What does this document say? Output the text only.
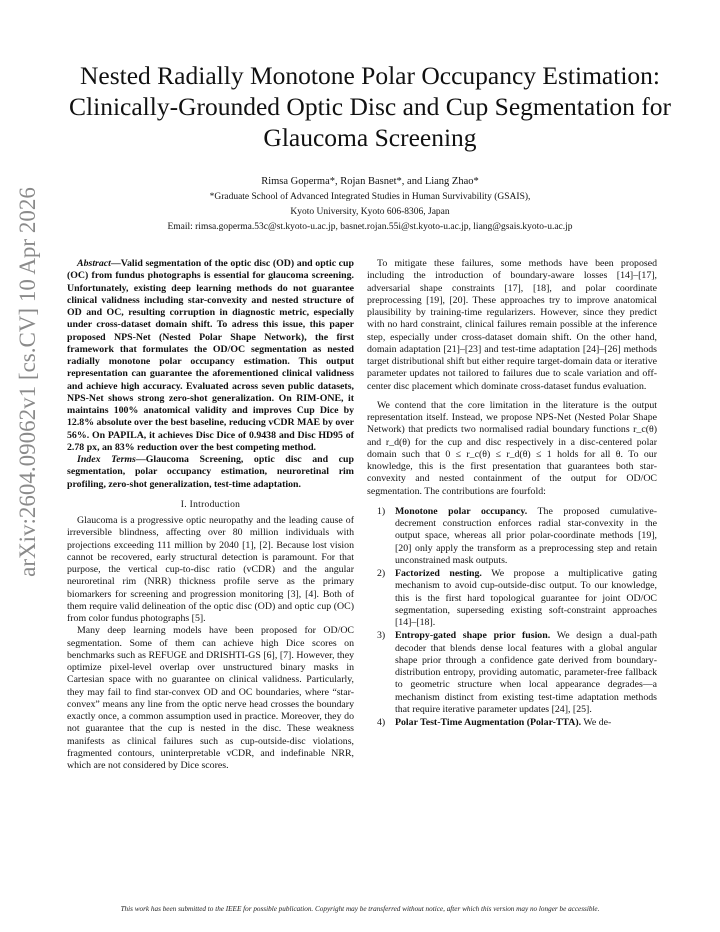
Nested Radially Monotone Polar Occupancy Estimation: Clinically-Grounded Optic Disc and Cup Segmentation for Glaucoma Screening
Rimsa Goperma*, Rojan Basnet*, and Liang Zhao*
*Graduate School of Advanced Integrated Studies in Human Survivability (GSAIS),
Kyoto University, Kyoto 606-8306, Japan
Email: rimsa.goperma.53c@st.kyoto-u.ac.jp, basnet.rojan.55i@st.kyoto-u.ac.jp, liang@gsais.kyoto-u.ac.jp
arXiv:2604.09062v1 [cs.CV] 10 Apr 2026	Abstract—Valid segmentation of the optic disc (OD) and optic cup (OC) from fundus photographs is essential for glaucoma screening. Unfortunately, existing deep learning methods do not guarantee clinical validness including star-convexity and nested structure of OD and OC, resulting corruption in diagnostic metric, especially under cross-dataset domain shift. To adress this issue, this paper proposed NPS-Net (Nested Polar Shape Network), the first framework that formulates the OD/OC segmentation as nested radially monotone polar occupancy estimation. This output representation can guarantee the aforementioned clinical validness and achieve high accuracy. Evaluated across seven public datasets, NPS-Net shows strong zero-shot generalization. On RIM-ONE, it maintains 100% anatomical validity and improves Cup Dice by 12.8% absolute over the best baseline, reducing vCDR MAE by over 56%. On PAPILA, it achieves Disc Dice of 0.9438 and Disc HD95 of 2.78 px, an 83% reduction over the best competing method.

Index Terms—Glaucoma Screening, optic disc and cup segmentation, polar occupancy estimation, neuroretinal rim profiling, zero-shot generalization, test-time adaptation.

I. Introduction

Glaucoma is a progressive optic neuropathy and the leading cause of irreversible blindness, affecting over 80 million individuals with projections exceeding 111 million by 2040 [1], [2]. Because lost vision cannot be recovered, early structural detection is paramount. For that purpose, the vertical cup-to-disc ratio (vCDR) and the angular neuroretinal rim (NRR) thickness profile serve as the primary biomarkers for screening and progression monitoring [3], [4]. Both of them require valid delineation of the optic disc (OD) and optic cup (OC) from color fundus photographs [5].

Many deep learning models have been proposed for OD/OC segmentation. Some of them can achieve high Dice scores on benchmarks such as REFUGE and DRISHTI-GS [6], [7]. However, they optimize pixel-level overlap over unstructured binary masks in Cartesian space with no guarantee on clinical validness. Particularly, they may fail to find star-convex OD and OC boundaries, where “star-convex” means any line from the optic nerve head crosses the boundary exactly once, a common assumption used in practice. Moreover, they do not guarantee that the cup is nested in the disc. These weakness manifests as clinical failures such as cup-outside-disc violations, fragmented contours, uninterpretable vCDR, and indefinable NRR, which are not considered by Dice scores.

To mitigate these failures, some methods have been proposed including the introduction of boundary-aware losses [14]–[17], adversarial shape constraints [17], [18], and polar coordinate preprocessing [19], [20]. These approaches try to improve anatomical plausibility by training-time regularizers. However, since they predict with no hard constraint, clinical failures remain possible at the inference step, especially under cross-dataset domain shift. On the other hand, domain adaptation [21]–[23] and test-time adaptation [24]–[26] methods target distributional shift but either require target-domain data or iterative parameter updates not tailored to failures due to scale variation and off-center disc placement which dominate cross-dataset fundus evaluation.

We contend that the core limitation in the literature is the output representation itself. Instead, we propose NPS-Net (Nested Polar Shape Network) that predicts two normalised radial boundary functions r_c(θ) and r_d(θ) for the cup and disc respectively in a disc-centered polar domain such that 0 ≤ r_c(θ) ≤ r_d(θ) ≤ 1 holds for all θ. To our knowledge, this is the first presentation that guarantees both star-convexity and nested containment of the output for OD/OC segmentation. The contributions are fourfold:

1) Monotone polar occupancy. The proposed cumulative-decrement construction enforces radial star-convexity in the output space, whereas all prior polar-coordinate methods [19], [20] only apply the transform as a preprocessing step and retain unconstrained mask outputs.
2) Factorized nesting. We propose a multiplicative gating mechanism to avoid cup-outside-disc output. To our knowledge, this is the first hard topological guarantee for joint OD/OC segmentation, superseding existing soft-constraint approaches [14]–[18].
3) Entropy-gated shape prior fusion. We design a dual-path decoder that blends dense local features with a global angular shape prior through a confidence gate derived from boundary-distribution entropy, providing automatic, parameter-free fallback to geometric structure when local appearance degrades—a mechanism distinct from existing test-time adaptation methods that require iterative parameter updates [24], [25].
4) Polar Test-Time Augmentation (Polar-TTA). We de-
This work has been submitted to the IEEE for possible publication. Copyright may be transferred without notice, after which this version may no longer be accessible.
